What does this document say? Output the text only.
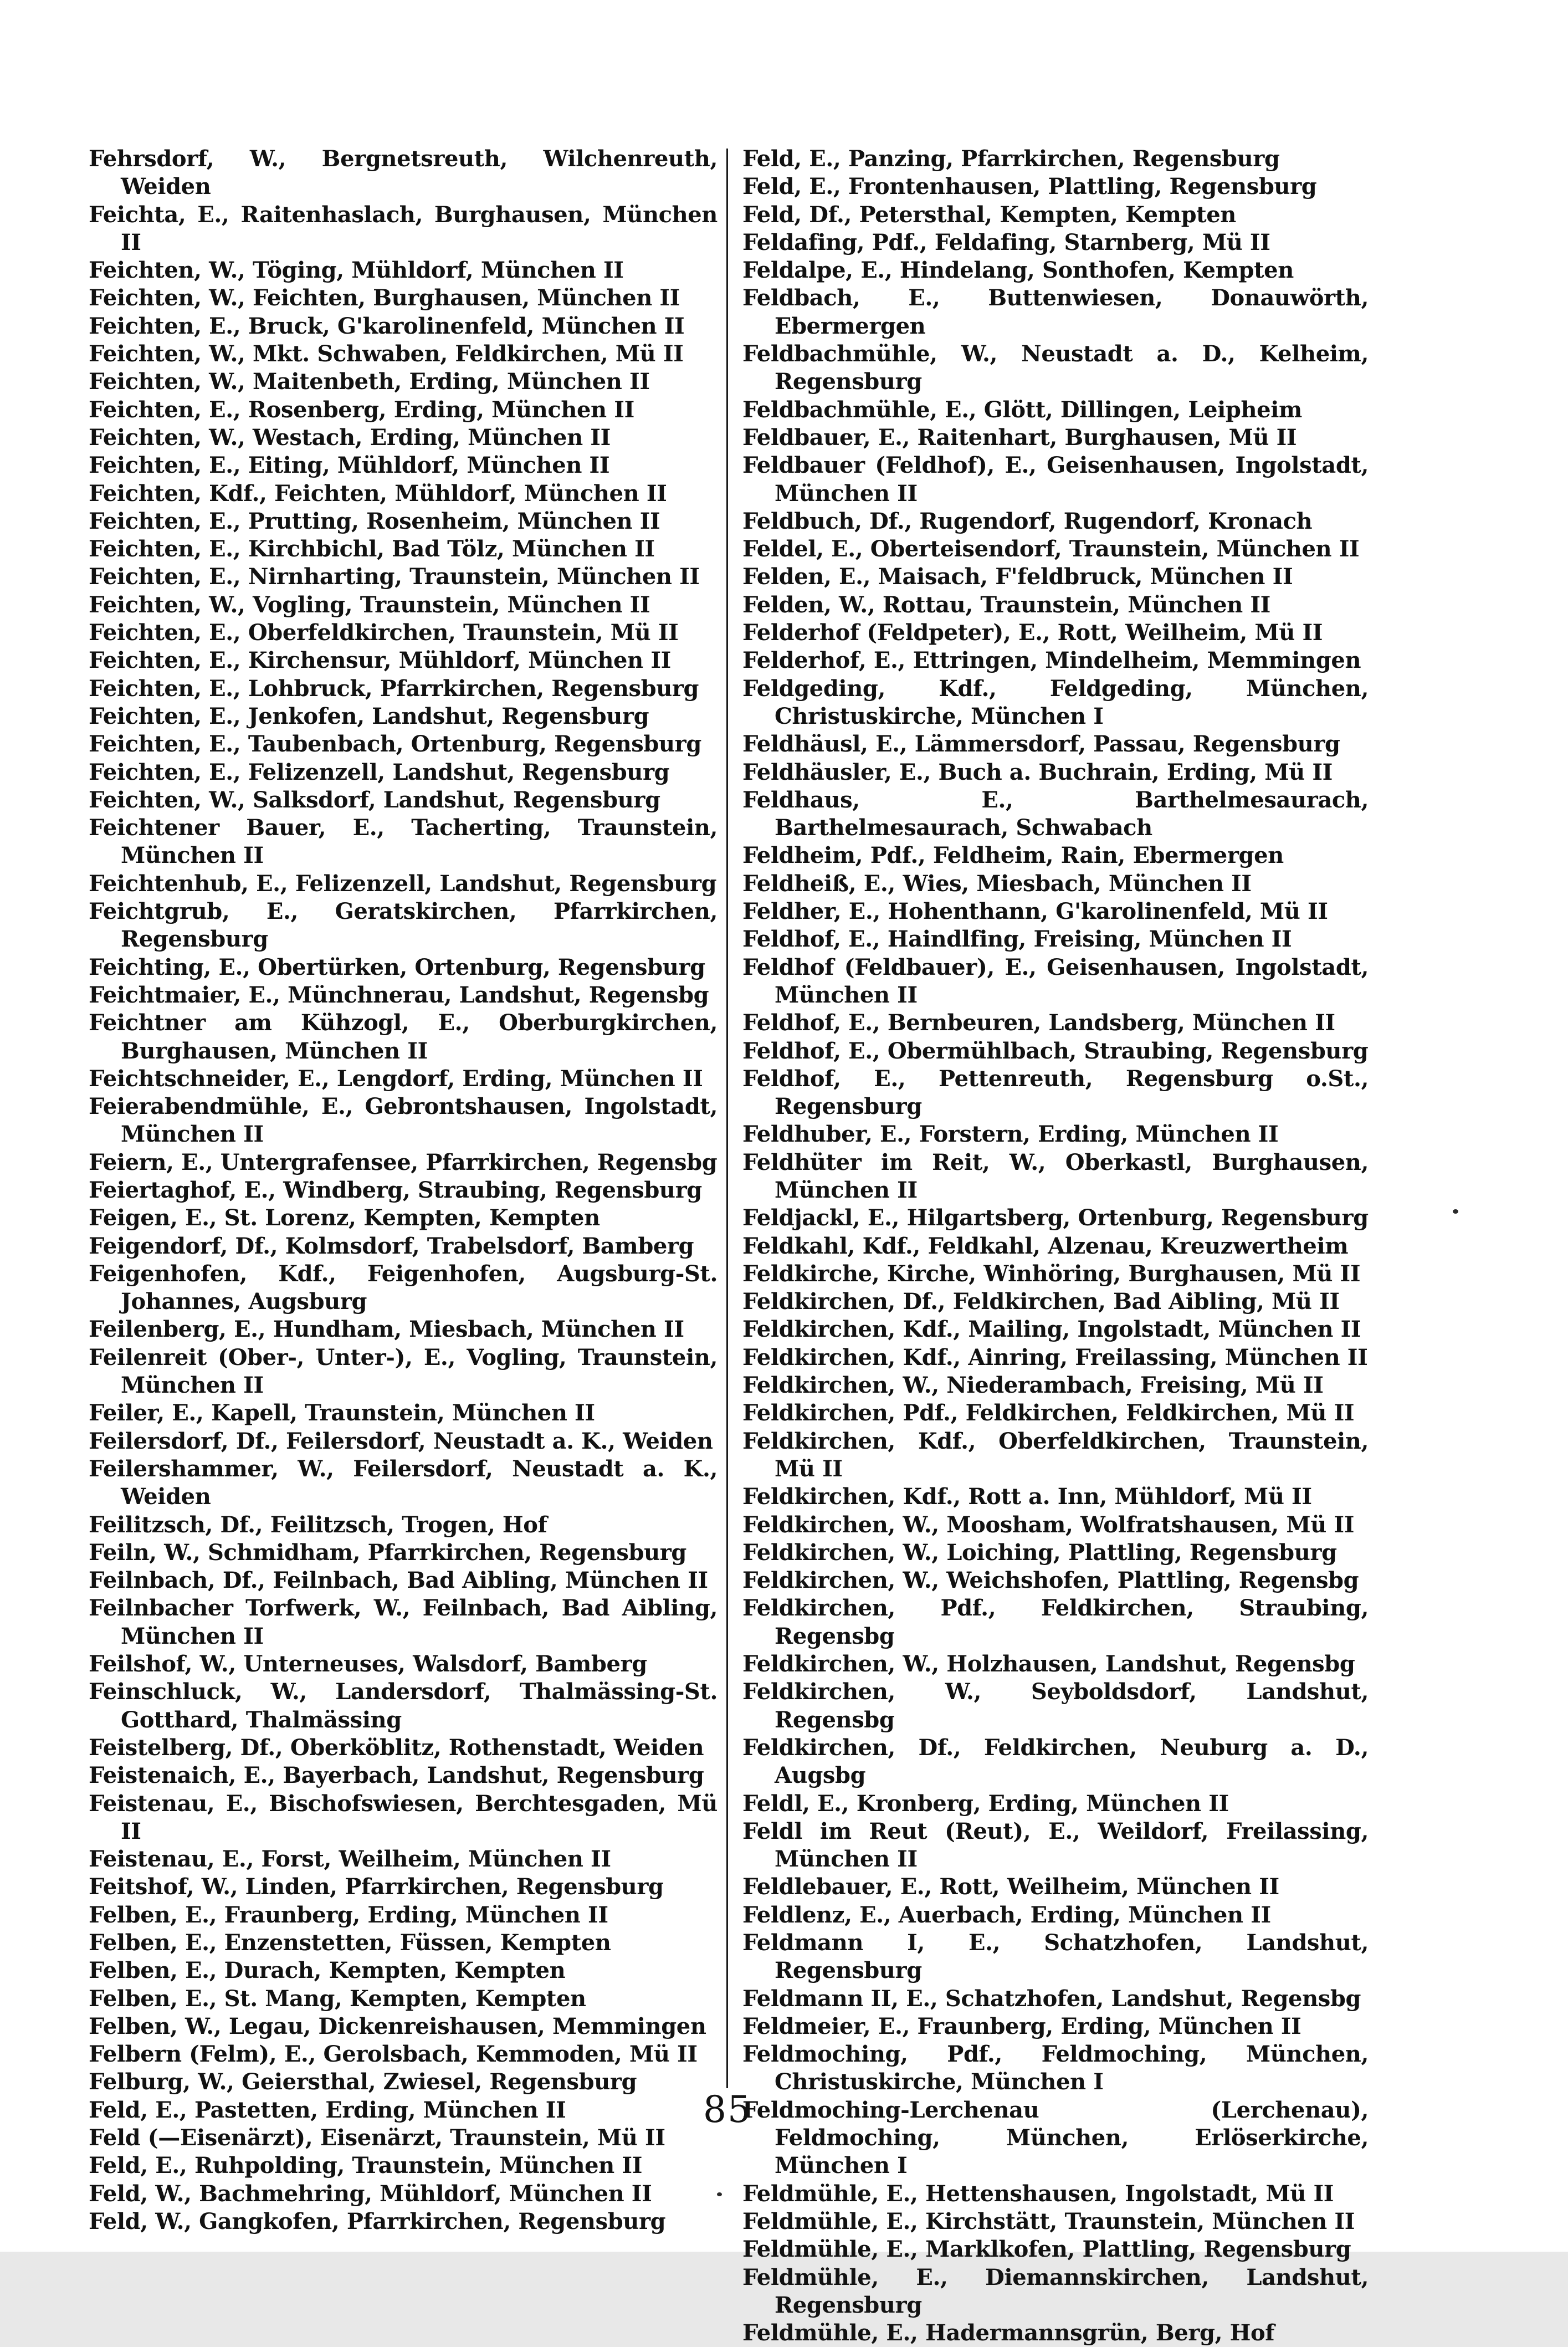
Fehrsdorf, W., Bergnetsreuth, Wilchenreuth, Weiden

Feichta, E., Raitenhaslach, Burghausen, München II

Feichten, W., Töging, Mühldorf, München II

Feichten, W., Feichten, Burghausen, München II

Feichten, E., Bruck, G'karolinenfeld, München II

Feichten, W., Mkt. Schwaben, Feldkirchen, Mü II

Feichten, W., Maitenbeth, Erding, München II

Feichten, E., Rosenberg, Erding, München II

Feichten, W., Westach, Erding, München II

Feichten, E., Eiting, Mühldorf, München II

Feichten, Kdf., Feichten, Mühldorf, München II

Feichten, E., Prutting, Rosenheim, München II

Feichten, E., Kirchbichl, Bad Tölz, München II

Feichten, E., Nirnharting, Traunstein, München II

Feichten, W., Vogling, Traunstein, München II

Feichten, E., Oberfeldkirchen, Traunstein, Mü II

Feichten, E., Kirchensur, Mühldorf, München II

Feichten, E., Lohbruck, Pfarrkirchen, Regensburg

Feichten, E., Jenkofen, Landshut, Regensburg

Feichten, E., Taubenbach, Ortenburg, Regensburg

Feichten, E., Felizenzell, Landshut, Regensburg

Feichten, W., Salksdorf, Landshut, Regensburg

Feichtener Bauer, E., Tacherting, Traunstein, München II

Feichtenhub, E., Felizenzell, Landshut, Regensburg

Feichtgrub, E., Geratskirchen, Pfarrkirchen, Regensburg

Feichting, E., Obertürken, Ortenburg, Regensburg

Feichtmaier, E., Münchnerau, Landshut, Regensbg

Feichtner am Kühzogl, E., Oberburgkirchen, Burghausen, München II

Feichtschneider, E., Lengdorf, Erding, München II

Feierabendmühle, E., Gebrontshausen, Ingolstadt, München II

Feiern, E., Untergrafensee, Pfarrkirchen, Regensbg

Feiertaghof, E., Windberg, Straubing, Regensburg

Feigen, E., St. Lorenz, Kempten, Kempten

Feigendorf, Df., Kolmsdorf, Trabelsdorf, Bamberg

Feigenhofen, Kdf., Feigenhofen, Augsburg-St. Johannes, Augsburg

Feilenberg, E., Hundham, Miesbach, München II

Feilenreit (Ober-, Unter-), E., Vogling, Traunstein, München II

Feiler, E., Kapell, Traunstein, München II

Feilersdorf, Df., Feilersdorf, Neustadt a. K., Weiden

Feilershammer, W., Feilersdorf, Neustadt a. K., Weiden

Feilitzsch, Df., Feilitzsch, Trogen, Hof

Feiln, W., Schmidham, Pfarrkirchen, Regensburg

Feilnbach, Df., Feilnbach, Bad Aibling, München II

Feilnbacher Torfwerk, W., Feilnbach, Bad Aibling, München II

Feilshof, W., Unterneuses, Walsdorf, Bamberg

Feinschluck, W., Landersdorf, Thalmässing-St. Gotthard, Thalmässing

Feistelberg, Df., Oberköblitz, Rothenstadt, Weiden

Feistenaich, E., Bayerbach, Landshut, Regensburg

Feistenau, E., Bischofswiesen, Berchtesgaden, Mü II

Feistenau, E., Forst, Weilheim, München II

Feitshof, W., Linden, Pfarrkirchen, Regensburg

Felben, E., Fraunberg, Erding, München II

Felben, E., Enzenstetten, Füssen, Kempten

Felben, E., Durach, Kempten, Kempten

Felben, E., St. Mang, Kempten, Kempten

Felben, W., Legau, Dickenreishausen, Memmingen

Felbern (Felm), E., Gerolsbach, Kemmoden, Mü II

Felburg, W., Geiersthal, Zwiesel, Regensburg

Feld, E., Pastetten, Erding, München II

Feld (—Eisenärzt), Eisenärzt, Traunstein, Mü II

Feld, E., Ruhpolding, Traunstein, München II

Feld, W., Bachmehring, Mühldorf, München II

Feld, W., Gangkofen, Pfarrkirchen, Regensburg

Feld, E., Panzing, Pfarrkirchen, Regensburg

Feld, E., Frontenhausen, Plattling, Regensburg

Feld, Df., Petersthal, Kempten, Kempten

Feldafing, Pdf., Feldafing, Starnberg, Mü II

Feldalpe, E., Hindelang, Sonthofen, Kempten

Feldbach, E., Buttenwiesen, Donauwörth, Ebermergen

Feldbachmühle, W., Neustadt a. D., Kelheim, Regensburg

Feldbachmühle, E., Glött, Dillingen, Leipheim

Feldbauer, E., Raitenhart, Burghausen, Mü II

Feldbauer (Feldhof), E., Geisenhausen, Ingolstadt, München II

Feldbuch, Df., Rugendorf, Rugendorf, Kronach

Feldel, E., Oberteisendorf, Traunstein, München II

Felden, E., Maisach, F'feldbruck, München II

Felden, W., Rottau, Traunstein, München II

Felderhof (Feldpeter), E., Rott, Weilheim, Mü II

Felderhof, E., Ettringen, Mindelheim, Memmingen

Feldgeding, Kdf., Feldgeding, München, Christuskirche, München I

Feldhäusl, E., Lämmersdorf, Passau, Regensburg

Feldhäusler, E., Buch a. Buchrain, Erding, Mü II

Feldhaus, E., Barthelmesaurach, Barthelmesaurach, Schwabach

Feldheim, Pdf., Feldheim, Rain, Ebermergen

Feldheiß, E., Wies, Miesbach, München II

Feldher, E., Hohenthann, G'karolinenfeld, Mü II

Feldhof, E., Haindlfing, Freising, München II

Feldhof (Feldbauer), E., Geisenhausen, Ingolstadt, München II

Feldhof, E., Bernbeuren, Landsberg, München II

Feldhof, E., Obermühlbach, Straubing, Regensburg

Feldhof, E., Pettenreuth, Regensburg o.St., Regensburg

Feldhuber, E., Forstern, Erding, München II

Feldhüter im Reit, W., Oberkastl, Burghausen, München II

Feldjackl, E., Hilgartsberg, Ortenburg, Regensburg

Feldkahl, Kdf., Feldkahl, Alzenau, Kreuzwertheim

Feldkirche, Kirche, Winhöring, Burghausen, Mü II

Feldkirchen, Df., Feldkirchen, Bad Aibling, Mü II

Feldkirchen, Kdf., Mailing, Ingolstadt, München II

Feldkirchen, Kdf., Ainring, Freilassing, München II

Feldkirchen, W., Niederambach, Freising, Mü II

Feldkirchen, Pdf., Feldkirchen, Feldkirchen, Mü II

Feldkirchen, Kdf., Oberfeldkirchen, Traunstein, Mü II

Feldkirchen, Kdf., Rott a. Inn, Mühldorf, Mü II

Feldkirchen, W., Moosham, Wolfratshausen, Mü II

Feldkirchen, W., Loiching, Plattling, Regensburg

Feldkirchen, W., Weichshofen, Plattling, Regensbg

Feldkirchen, Pdf., Feldkirchen, Straubing, Regensbg

Feldkirchen, W., Holzhausen, Landshut, Regensbg

Feldkirchen, W., Seyboldsdorf, Landshut, Regensbg

Feldkirchen, Df., Feldkirchen, Neuburg a. D., Augsbg

Feldl, E., Kronberg, Erding, München II

Feldl im Reut (Reut), E., Weildorf, Freilassing, München II

Feldlebauer, E., Rott, Weilheim, München II

Feldlenz, E., Auerbach, Erding, München II

Feldmann I, E., Schatzhofen, Landshut, Regensburg

Feldmann II, E., Schatzhofen, Landshut, Regensbg

Feldmeier, E., Fraunberg, Erding, München II

Feldmoching, Pdf., Feldmoching, München, Christuskirche, München I

Feldmoching-Lerchenau (Lerchenau), Feldmoching, München, Erlöserkirche, München I

Feldmühle, E., Hettenshausen, Ingolstadt, Mü II

Feldmühle, E., Kirchstätt, Traunstein, München II

Feldmühle, E., Marklkofen, Plattling, Regensburg

Feldmühle, E., Diemannskirchen, Landshut, Regensburg

Feldmühle, E., Hadermannsgrün, Berg, Hof

85
